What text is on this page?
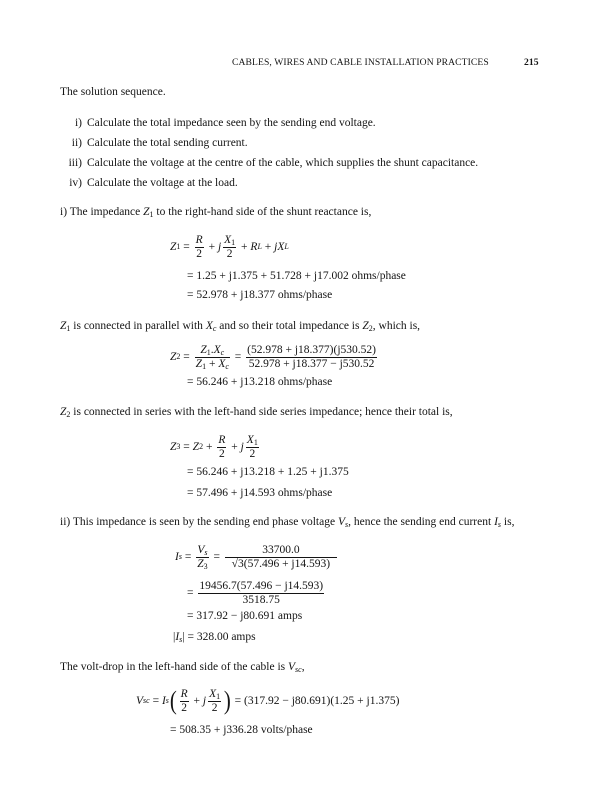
CABLES, WIRES AND CABLE INSTALLATION PRACTICES	215
The solution sequence.
i) Calculate the total impedance seen by the sending end voltage.
ii) Calculate the total sending current.
iii) Calculate the voltage at the centre of the cable, which supplies the shunt capacitance.
iv) Calculate the voltage at the load.
i) The impedance $Z_1$ to the right-hand side of the shunt reactance is,
Z $1 = \frac{R}{2} + j \frac{X_1}{2} + R$ L + jX L
= 1.25 + j1.375 + 51.728 + j17.002 ohms/phase
= 52.978 + j18.377 ohms/phase
$Z_1$ is connected in parallel with $X_c$ and so their total impedance is $Z_2$, which is,
Z $2 = \frac{Z_1.X_c}{Z_1 + X_c} = \frac{(52.978 + j18.377)(j530.52)}{52.978 + j18.377 - j530.52}$
= 56.246 + j13.218 ohms/phase
$Z_2$ is connected in series with the left-hand side series impedance; hence their total is,
Z 3 = Z $2 + \frac{R}{2} + j \frac{X_1}{2}$
= 56.246 + j13.218 + 1.25 + j1.375
= 57.496 + j14.593 ohms/phase
ii) This impedance is seen by the sending end phase voltage $V_s$, hence the sending end current $I_s$ is,
I $s = \frac{V_s}{Z_3} = \frac{33700.0}{√3(57.496 + j14.593)}$
= $\frac{19456.7(57.496 - j14.593)}{3518.75}$
= 317.92 − j80.691 amps
$|I_s| = 328.00$ amps
The volt-drop in the left-hand side of the cable is $V_{sc}$,
V sc = I s ( $\frac{R}{2} + j \frac{X_1}{2}$ )
= (317.92 − j80.691)(1.25 + j1.375)
= 508.35 + j336.28 volts/phase
